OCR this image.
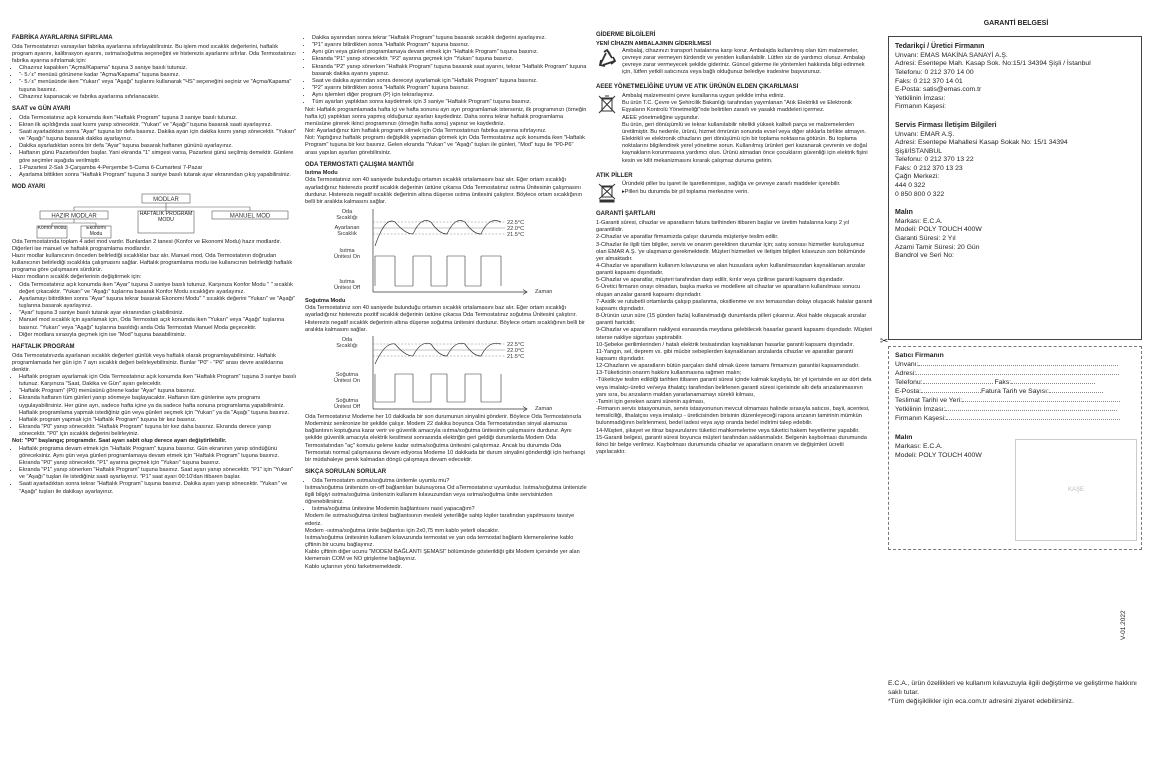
FABRİKA AYARLARINA SIFIRLAMA

Oda Termostatınızı varsayılan fabrika ayarlarına sıfırlayabilirsiniz. Bu işlem mod sıcaklık değerlerini, haftalık program ayarını, kalibrasyon ayarını, ısıtma/soğutma seçeneğini ve histerezis ayarlarını sıfırlar. Oda Termostatınızı fabrika ayarına sıfırlamak için:

• Cihazınız kapalıken "Açma/Kapama" tuşuna 3 saniye basılı tutunuz.
• "- 5 ⁄ ε" menüsü görünene kadar "Açma/Kapama" tuşuna basınız.
• "- 5 ⁄ ε" menüsünde iken "Yukarı" veya "Aşağı" tuşlarını kullanarak "ЧЅ" seçeneğini seçiniz ve "Açma/Kapama" tuşuna basınız.
• Cihazınız kapanacak ve fabrika ayarlarına sıfırlanacaktır.
SAAT ve GÜN AYARI
• Oda Termostatınız açık konumda iken "Haftalık Program" tuşuna 3 saniye basılı tutunuz.
• Ekran ilk açıldığında saat kısmı yanıp sönecektir. "Yukarı" ve "Aşağı" tuşuna basarak saati ayarlayınız.
• Saati ayarladıktan sonra "Ayar" tuşuna bir defa basınız. Dakika ayarı için dakika kısmı yanıp sönecektir. "Yukarı" ve "Aşağı" tuşuna basarak dakika ayarlayınız.
• Dakika ayarladıktan sonra bir defa "Ayar" tuşuna basarak haftanın gününü ayarlayınız.
• Haftanın günü Pazartesi'den başlar. Yani ekranda "1" simgesi varsa, Pazartesi günü seçilmiş demektir. Günlere göre seçimler aşağıda verilmiştir.
• 1-Pazartesi 2-Salı 3-Çarşamba 4-Perşembe 5-Cuma 6-Cumartesi 7-Pazar
• Ayarlama bittikten sonra "Haftalık Program" tuşuna 3 saniye basılı tutarak ayar ekranından çıkış yapabilirsiniz.
MOD AYARI
MODLAR
HAZIR MODLAR	MANUEL MOD
HAFTALIK PROGRAM MODU
Konfor Modu	Ekonomi Modu

Oda Termostatında toplam 4 adet mod vardır. Bunlardan 2 tanesi (Konfor ve Ekonomi Modu) hazır modlardır. Diğerleri ise manuel ve haftalık programlama modlarıdır.

Hazır modlar kullanıcının önceden belirlediği sıcaklıklar baz alır. Manuel mod, Oda Termostatının doğrudan kullanıcının belirlediği sıcaklıkta çalışmasını sağlar. Haftalık programlama modu ise kullanıcının belirlediği haftalık programa göre çalışmasını sürdürür.

Hazır modların sıcaklık değerlerinin değiştirmek için:

• Oda Termostatınız açık konumda iken "Ayar" tuşuna 3 saniye basılı tutunuz. Karşınıza Konfor Modu " " sıcaklık değeri çıkacaktır. "Yukarı" ve "Aşağı" tuşlarına basarak Konfor Modu sıcaklığını ayarlayınız.
• Ayarlamayı bitirdikten sonra "Ayar" tuşuna tekrar basarak Ekonomi Modu" " sıcaklık değerini "Yukarı" ve "Aşağı" tuşlarına basarak ayarlayınız.
• "Ayar" tuşuna 3 saniye basılı tutarak ayar ekranından çıkabilirsiniz.
• Manuel mod sıcaklık için ayarlamak için, Oda Termostatı açık konumda iken "Yukarı" veya "Aşağı" tuşlarına basınız. "Yukarı" veya "Aşağı" tuşlarına basıldığı anda Oda Termostatı Manuel Moda geçecektir.
• Diğer modlara sırasıyla geçmek için ise "Mod" tuşuna basabilirsiniz.
HAFTALIK PROGRAM

Oda Termostatınızda ayarlanan sıcaklık değerleri günlük veya haftalık olarak programlayabilirsiniz. Haftalık programlamada her gün için 7 ayrı sıcaklık değeri belirleyebilirsiniz. Bunlar "P0" - "P6" arası devre aralıklarına denktir.

• Haftalık program ayarlamak için Oda Termostatınız açık konumda iken "Haftalık Program" tuşuna 3 saniye basılı tutunuz. Karşınıza "Saat, Dakika ve Gün" ayarı gelecektir.
• "Haftalık Program" (P0) menüsünü görene kadar "Ayar" tuşuna basınız.
• Ekranda haftanın tüm günleri yanıp sönmeye başlayacaktır. Haftanın tüm günlerine aynı programı uygulayabilirsiniz. Her güne ayrı, sadece hafta içine ya da sadece hafta sonuna programlama yapabilirsiniz. Haftalık programlama yapmak istediğiniz gün veya günleri seçmek için "Yukarı" ya da "Aşağı" tuşuna basınız.
• Haftalık program yapmak için "Haftalık Program" tuşuna bir kez basınız.
• Ekranda "P0" yanıp sönecektir. "Haftalık Program" tuşuna bir kez daha basınız. Ekranda derece yanıp sönecektir. "P0" için sıcaklık değerini belirleyiniz.

Not: "P0" başlangıç programdır. Saat ayarı sabit olup derece ayarı değiştirilebilir.

• Haftalık programa devam etmek için "Haftalık Program" tuşuna basınız. Gün ekranının yanıp söndüğünü göreceksiniz. Aynı gün veya günleri programlamaya devam etmek için "Haftalık Program" tuşuna basınız. Ekranda "P0" yanıp sönecektir. "P1" ayarına geçmek için "Yukarı" tuşuna basınız.
• Ekranda "P1" yanıp sönerken "Haftalık Program" tuşuna basınız. Saat ayarı yanıp sönecektir. "P1" için "Yukarı" ve "Aşağı" tuşları ile istediğiniz saati ayarlayınız. "P1" saat ayarı 00:10'dan itibaren başlar.
• Saati ayarladıktan sonra tekrar "Haftalık Program" tuşuna basınız. Dakika ayarı yanıp sönecektir. "Yukarı" ve "Aşağı" tuşları ile dakikayı ayarlayınız.
• Dakika ayarından sonra tekrar "Haftalık Program" tuşuna basarak sıcaklık değerini ayarlayınız.
• "P1" ayarını bitirdikten sonra "Haftalık Program" tuşuna basınız.
• Aynı gün veya günleri programlamaya devam etmek için "Haftalık Program" tuşuna basınız.
• Ekranda "P1" yanıp sönecektir. "P2" ayarına geçmek için "Yukarı" tuşuna basınız.
• Ekranda "P2" yanıp sönerken "Haftalık Program" tuşuna basarak saat ayarını, tekrar "Haftalık Program" tuşuna basarak dakika ayarını yapınız.
• Saat ve dakika ayarından sonra dereceyi ayarlamak için "Haftalık Program" tuşuna basınız.
• "P2" ayarını bitirdikten sonra "Haftalık Program" tuşuna basınız.
• Aynı işlemleri diğer program (P) için tekrarlayınız.
• Tüm ayarları yaptıktan sonra kaydetmek için 3 saniye "Haftalık Program" tuşuna basınız.

Not: Haftalık programlamada hafta içi ve hafta sonunu ayrı ayrı programlamak isterseniz, ilk programınızı (örneğin hafta içi) yaptıktan sonra yapmış olduğunuz ayarları kaydediniz. Daha sonra tekrar haftalık programlama menüsüne girerek ikinci programınızı (örneğin hafta sonu) yapınız ve kaydediniz.

Not: Ayarladığınız tüm haftalık programı silmek için Oda Termostatınızı fabrika ayarına sıfırlayınız.

Not: Yaptığınız haftalık programı değişiklik yapmadan görmek için Oda Termostatınız açık konumda iken "Haftalık Program" tuşuna bir kez basınız. Gelen ekranda "Yukarı" ve "Aşağı" tuşları ile günleri, "Mod" tuşu ile "P0-P6" arası yapılan ayarları görebilirsiniz.

ODA TERMOSTATI ÇALIŞMA MANTIĞI
Isıtma Modu

Oda Termostatınız son 40 saniyede bulunduğu ortamın sıcaklık ortalamasını baz alır. Eğer ortam sıcaklığı ayarladığınız histerezis pozitif sıcaklık değerinin üstüne çıkarsa Oda Termostatınız ısıtma Ünitesinin çalışmasını durdurur. Histerezis negatif sıcaklık değerinin altına düşerse ısıtma ünitesini çalıştırır. Böylece ortam sıcaklığının belli bir aralıkta kalmasını sağlar.

Oda
Sıcaklığı
Ayarlanan
Sıcaklık
Isıtma
Ünitesi On
Isıtma
Ünitesi Off
22.5°C
22.0°C
21.5°C
Zaman
Soğutma Modu

Oda Termostatınız son 40 saniyede bulunduğu ortamın sıcaklık ortalamasını baz alır. Eğer ortam sıcaklığı ayarladığınız histerezis pozitif sıcaklık değerinin üstüne çıkarsa Oda Termostatınız soğutma Ünitesini çalıştırır. Histerezis negatif sıcaklık değerinin altına düşerse soğutma ünitesini durdurur. Böylece ortam sıcaklığının belli bir aralıkta kalmasını sağlar.

Oda
Sıcaklığı
Soğutma
Ünitesi On
Soğutma
Ünitesi Off
22.5°C
22.0°C
21.5°C
Zaman

Oda Termostatınız Modeme her 10 dakikada bir son durumunun sinyalini gönderir. Böylece Oda Termostatınızla Modeminiz senkronize bir şekilde çalışır. Modem 22 dakika boyunca Oda Termostatından sinyal alamazsa bağlantının koptuğuna karar verir ve güvenlik amacıyla ısıtma/soğutma ünitesinin çalışmasını durdurur. Aynı şekilde güvenlik amacıyla elektrik kesilmesi sonrasında elektriğin geri geldiği durumlarda Modem Oda Termostatından "aç" komutu gelene kadar ısıtma/soğutma ünitesini çalıştırmaz. Ancak bu durumda Oda Termostatı normal çalışmasına devam ediyorsa Modeme 10 dakikada bir durum sinyalini gönderdiği için herhangi bir müdahaleye gerek kalmadan döngü çalışmaya devam edecektir.

SIKÇA SORULAN SORULAR
• Oda Termostatım ısıtma/soğutma ünitemle uyumlu mu?

Isıtma/soğutma ünitenizin on-off bağlantıları bulunuyorsa Od aTermostatınız uyumludur. Isıtma/soğutma ünitenizle ilgili bilgiyi ısıtma/soğutma ünitenizin kullanım kılavuzundan veya ısıtma/soğutma ünite servisinizden öğrenebilirsiniz.

• Isıtma/soğutma ünitesine Modemin bağlantısını nasıl yapacağım?

Modem ile ısıtma/soğutma ünitesi bağlantısının mesleki yeterliliğe sahip kişiler tarafından yapılmasını tavsiye ederiz.

Modem -ısıtma/soğutma ünite bağlantısı için 2x0,75 mm kablo yeterli olacaktır.

Isıtma/soğutma ünitesinin kullanım kılavuzunda termostat ve yan oda termostat bağlantı klemenslerine kablo çiftinin bir ucunu bağlayınız.

Kablo çiftinin diğer ucunu "MODEM BAĞLANTI ŞEMASI" bölümünde gösterildiği gibi Modem içersinde yer alan klemensin COM ve NO girişlerine bağlayınız.

Kablo uçlarının yönü farketmemektedir.

GİDERME BİLGİLERİ
YENİ CİHAZIN AMBALAJININ GİDERİLMESİ

Ambalaj, cihazınızı transport hatalarına karşı korur. Ambalajda kullanılmış olan tüm malzemeler, çevreye zarar vermeyen türdendir ve yeniden kullanılabilir. Lütfen siz de yardımcı olunuz. Ambalajı çevreye zarar vermeyecek şekilde gideriniz. Güncel giderme ile yöntemleri hakkında bilgi edinmek için, lütfen yetkili satıcınıza veya bağlı olduğunuz belediye iradesine başvurunuz.

AEEE YÖNETMELİĞİNE UYUM VE ATIK ÜRÜNÜN ELDEN ÇIKARILMASI

Ambalaj malzemesini çevre kurallarına uygun şekilde imha ediniz.

Bu ürün T.C. Çevre ve Şehircilik Bakanlığı tarafından yayımlanan "Atık Elektrikli ve Elektronik Eşyaların Kontrolü Yönetmeliği"nde belirtilen zararlı ve yasaklı maddeleri içermez.

AEEE yönetmeliğine uygundur.

Bu ürün, geri dönüşümlü ve tekrar kullanılabilir nitelikli yüksek kaliteli parça ve malzemelerden üretilmiştir. Bu nedenle, ürünü, hizmet ömrünün sonunda evsel veya diğer atıklarla birlikte atmayın. Elektrikli ve elektronik cihazların geri dönüşümü için bir toplama noktasına götürün. Bu toplama noktalarını bilgilendirek yerel yönetime sorun. Kullanılmış ürünleri geri kazanarak çevrenin ve doğal kaynakların korunmasına yardımcı olun. Ürünü atmadan önce çocukların güvenliği için elektrik fişini kesin ve kilit mekanizmasını kırarak çalışmaz duruma getirin.

ATIK PİLLER

Üründeki piller bu işaret ile işaretlenmişse, sağlığa ve çevreye zararlı maddeler içerebilir.

▸Pilleri bu durumda bir pil toplama merkezine verin.

GARANTİ ŞARTLARI

1-Garanti süresi, cihazlar ve aparatların fatura tarihinden itibaren başlar ve üretim hatalarına karşı 2 yıl garantilidir.

2-Cihazlar ve aparatlar firmamızda çalışır durumda müşteriye teslim edilir.

3-Cihazlar ile ilgili tüm bilgiler, servis ve onarım gerektiren durumlar için; satış sonrası hizmetler kuruluşumuz olan EMAR A.Ş. 'ye ulaşmanız gerekmektedir. Müşteri hizmetleri ve iletişim bilgileri kılavuzun son bölümünde yer almaktadır.

4-Cihazlar ve aparatların kullanım kılavuzuna ve alan hususlara aykırı kullanılmasından kaynaklanan arızalar garanti kapsamı dışındadır.

5-Cihazlar ve aparatlar, müşteri tarafından darp edilir, kırılır veya çizilirse garanti kapsamı dışındadır.

6-Üretici firmanın onayı olmadan, başka marka ve modellere ait cihazlar ve aparatların kullanılması sonucu oluşan arızalar garanti kapsamı dışındadır.

7-Asidik ve rutubetli ortamlarda çalışıp paslanma, oksitlenme ve sıvı temasından dolayı oluşacak hatalar garanti kapsamı dışındadır.

8-Ürünün uzun süre (15 günden fazla) kullanılmadığı durumlarda pilleri çıkarınız. Aksi halde oluşacak arızalar garanti haricidir.

9-Cihazlar ve aparatların nakliyesi esnasında meydana gelebilecek hasarlar garanti kapsamı dışındadır. Müşteri isterse nakliye sigortası yaptırabilir.

10-Şebeke gerilimlerinden / hatalı elektrik tesisatından kaynaklanan hasarlar garanti kapsamı dışındadır.

11-Yangın, sel, deprem vs. gibi mücbir sebeplerden kaynaklanan arızalarda cihazlar ve aparatlar garanti kapsamı dışındadır.

12-Cihazların ve aparatların bütün parçaları dahil olmak üzere tamamı firmamızın garantisi kapsamındadır.

13-Tüketicinin onarım hakkını kullanmasına rağmen malın;

-Tüketiciye teslim edildiği tarihten itibaren garanti süresi içinde kalmak kaydıyla, bir yıl içerisinde en az dört defa veya imalatçı-üretici ve/veya ithalatçı tarafından belirlenen garanti süresi içerisinde altı defa arızalanmasının yanı sıra, bu arızaların maldan yararlanamamayı sürekli kılması,

-Tamiri için gereken azami sürenin aşılması,

-Firmanın servis istasyonunun, servis istasyonunun mevcut olmaması halinde sırasıyla satıcısı, bayii, acentesi, temsilciliği, ithalatçısı veya imalatçı - üreticisinden birisinin düzenleyeceği rapora arızanın tamirinin mümkün bulunmadığının belirlenmesi, bedel iadesi veya ayıp oranda bedel indirimi talep edebilir.

14-Müşteri, şikayet ve itiraz başvurularını tüketici mahkemelerine veya tüketici hakem heyetlerine yapabilir.

15-Garanti belgesi, garanti süresi boyunca müşteri tarafından saklanmalıdır. Belgenin kaybolması durumunda ikinci bir belge verilmez. Kaybolması durumunda cihazlar ve aparatların onarım ve değişimleri ücretli yapılacaktır.

GARANTİ BELGESİ
Tedarikçi / Üretici Firmanın
Unvanı: EMAS MAKİNA SANAYİ A.Ş.
Adresi: Esentepe Mah. Kasap Sok. No:15/1 34394 Şişli / İstanbul
Telefonu: 0 212 370 14 00
Faks: 0 212 370 14 01
E-Posta: satis@emas.com.tr
Yetkilinin İmzası:
Firmanın Kaşesi:
Servis Firması İletişim Bilgileri
Unvanı: EMAR A.Ş.
Adresi: Esentepe Mahallesi Kasap Sokak No: 15/1 34394
Şişli/İSTANBUL
Telefonu: 0 212 370 13 22
Faks: 0 212 370 13 23
Çağrı Merkezi:
444 0 322
0 850 800 0 322
Malın
Markası: E.C.A.
Modeli: POLY TOUCH 400W
Garanti Süresi: 2 Yıl
Azami Tamir Süresi: 20 Gün
Bandrol ve Seri No:
✂
Satıcı Firmanın
Unvanı:
Adresi:
Telefonu:	Faks:
E-Posta:	Fatura Tarih ve Sayısı:
Teslimat Tarihi ve Yeri:
Yetkilinin İmzası:
Firmanın Kaşesi:
Malın
Markası: E.C.A.
Modeli: POLY TOUCH 400W
KAŞE
V-01.2022
E.C.A., ürün özellikleri ve kullanım kılavuzuyla ilgili değiştirme ve geliştirme hakkını saklı tutar.
*Tüm değişiklikler için eca.com.tr adresini ziyaret edebilirsiniz.
